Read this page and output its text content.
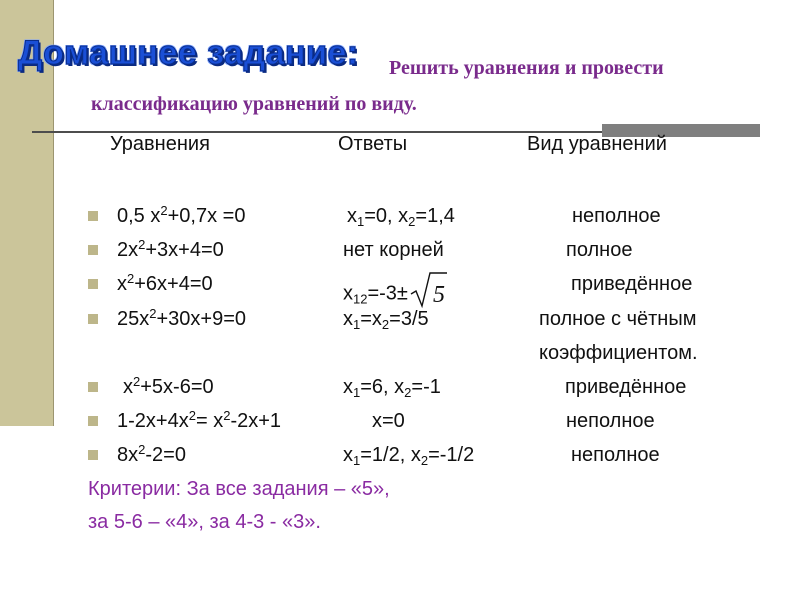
Решить уравнения и провести классификацию уравнений по виду.
Домашнее задание:
Уравнения	Ответы	Вид уравнений
0,5 $x^2+0,7x =0$	$x_1=0$, $x_2=1,4$	неполное
$2x^2+3x+4=0$	нет корней	полное
$x^2+6x+4=0$	$x_{12}=-3\pm 5$	приведённое
$25x^2+30x+9=0$	$x_1=x_2=3/5$	полное с чётным
коэффициентом.
$x^2+5x-6=0$	$x_1=6$, $x_2=-1$	приведённое
$1-2x+4x^2= x^2-2x+1$	x=0	неполное
$8x^2-2=0$	$x_1=1/2$, $x_2=-1/2$	неполное
Критерии: За все задания – «5»,
за 5-6 – «4», за 4-3 - «3».
